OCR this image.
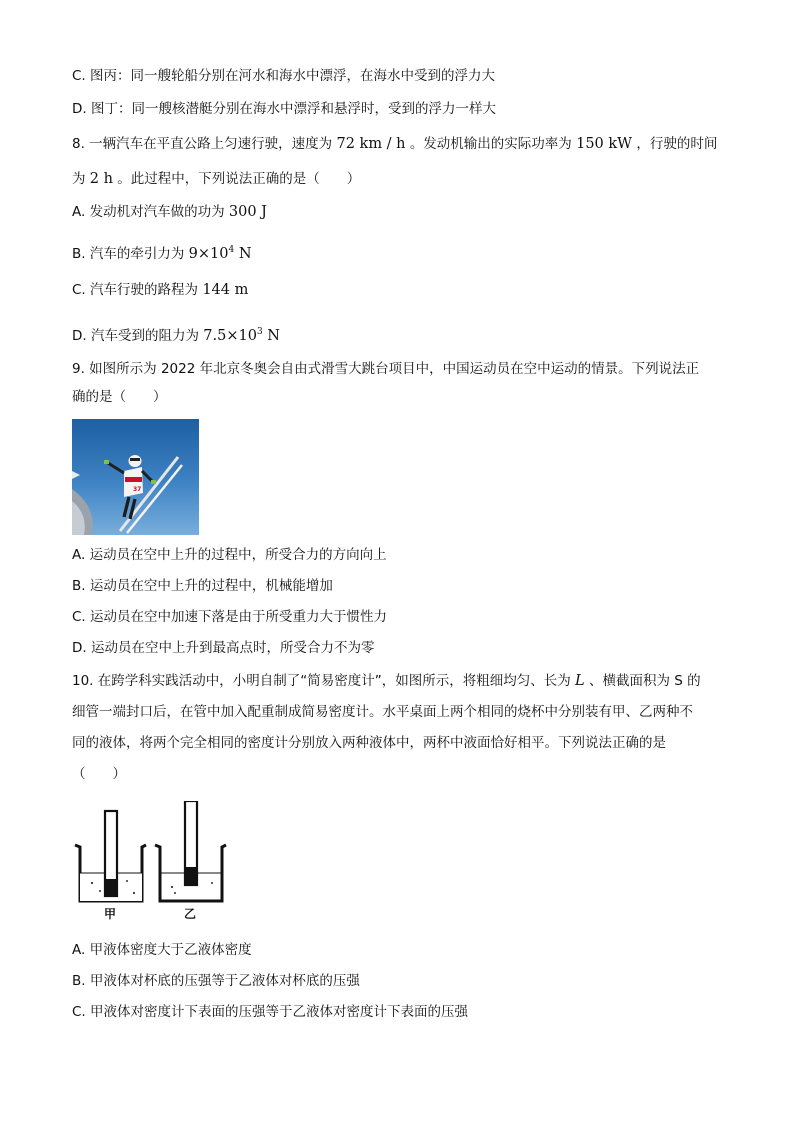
C. 图丙：同一艘轮船分别在河水和海水中漂浮，在海水中受到的浮力大
D. 图丁：同一艘核潜艇分别在海水中漂浮和悬浮时，受到的浮力一样大
8. 一辆汽车在平直公路上匀速行驶，速度为 72 km / h 。发动机输出的实际功率为 150 kW ，行驶的时间
为 2 h 。此过程中，下列说法正确的是（　　）
A. 发动机对汽车做的功为 300 J
B. 汽车的牵引力为 $9\times 10^4$ N
C. 汽车行驶的路程为 144 m
D. 汽车受到的阻力为 $7.5\times 10^3$ N
9. 如图所示为 2022 年北京冬奥会自由式滑雪大跳台项目中，中国运动员在空中运动的情景。下列说法正
确的是（　　）
37
A. 运动员在空中上升的过程中，所受合力的方向向上
B. 运动员在空中上升的过程中，机械能增加
C. 运动员在空中加速下落是由于所受重力大于惯性力
D. 运动员在空中上升到最高点时，所受合力不为零
10. 在跨学科实践活动中，小明自制了“简易密度计”，如图所示，将粗细均匀、长为 L 、横截面积为 S 的
细管一端封口后，在管中加入配重制成简易密度计。水平桌面上两个相同的烧杯中分别装有甲、乙两种不
同的液体，将两个完全相同的密度计分别放入两种液体中，两杯中液面恰好相平。下列说法正确的是
（　　）
甲	乙
A. 甲液体密度大于乙液体密度
B. 甲液体对杯底的压强等于乙液体对杯底的压强
C. 甲液体对密度计下表面的压强等于乙液体对密度计下表面的压强
